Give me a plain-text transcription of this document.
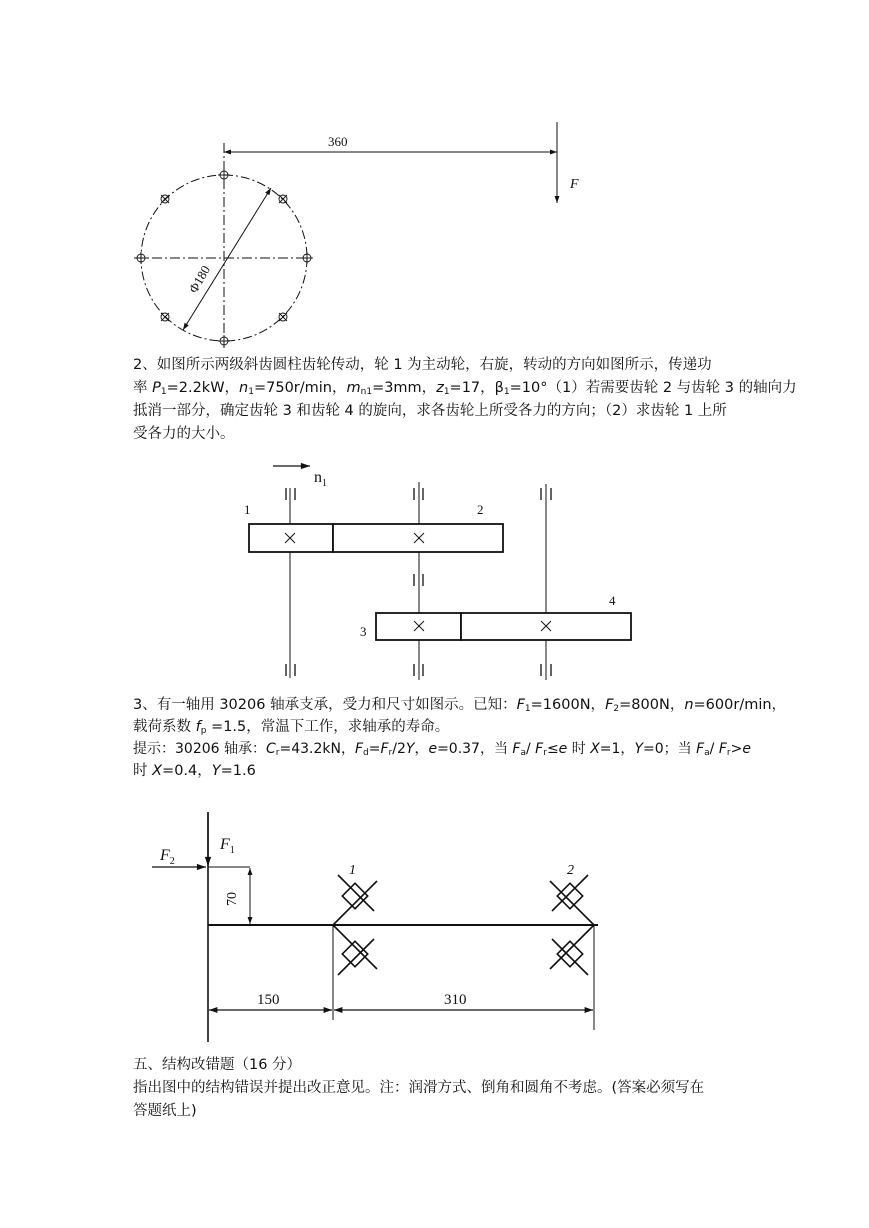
360
F
Φ180
$n_1$
1	2
3
4
$F_1$
$F_2$
70
1	2
150	310
2、如图所示两级斜齿圆柱齿轮传动，轮 1 为主动轮，右旋，转动的方向如图所示，传递功
率 $P_1=2.2kW$，$n_1=750r/\min$，$m_{n1}=3mm$，$z_1=17$，$\beta_1=10^\circ(1)$若需要齿轮 2 与齿轮 3 的轴向力
抵消一部分，确定齿轮 3 和齿轮 4 的旋向，求各齿轮上所受各力的方向；（2）求齿轮 1 上所
受各力的大小。
3、有一轴用 30206 轴承支承，受力和尺寸如图示。已知：$F_1=1600N$，$F_2=800N$，n=600r/min，
载荷系数 $f_p =1.5$，常温下工作，求轴承的寿命。
提示：30206 轴承：$C_r=43.2kN$，$F_d=F_r/2Y$，e=0.37，当 $F_a/$ $F_r\le e$ 时 X=1，Y=0；当 $F_a/$ $F_r>e$
时 X=0.4，Y=1.6
五、结构改错题（16 分）
指出图中的结构错误并提出改正意见。注：润滑方式、倒角和圆角不考虑。(答案必须写在
答题纸上)
